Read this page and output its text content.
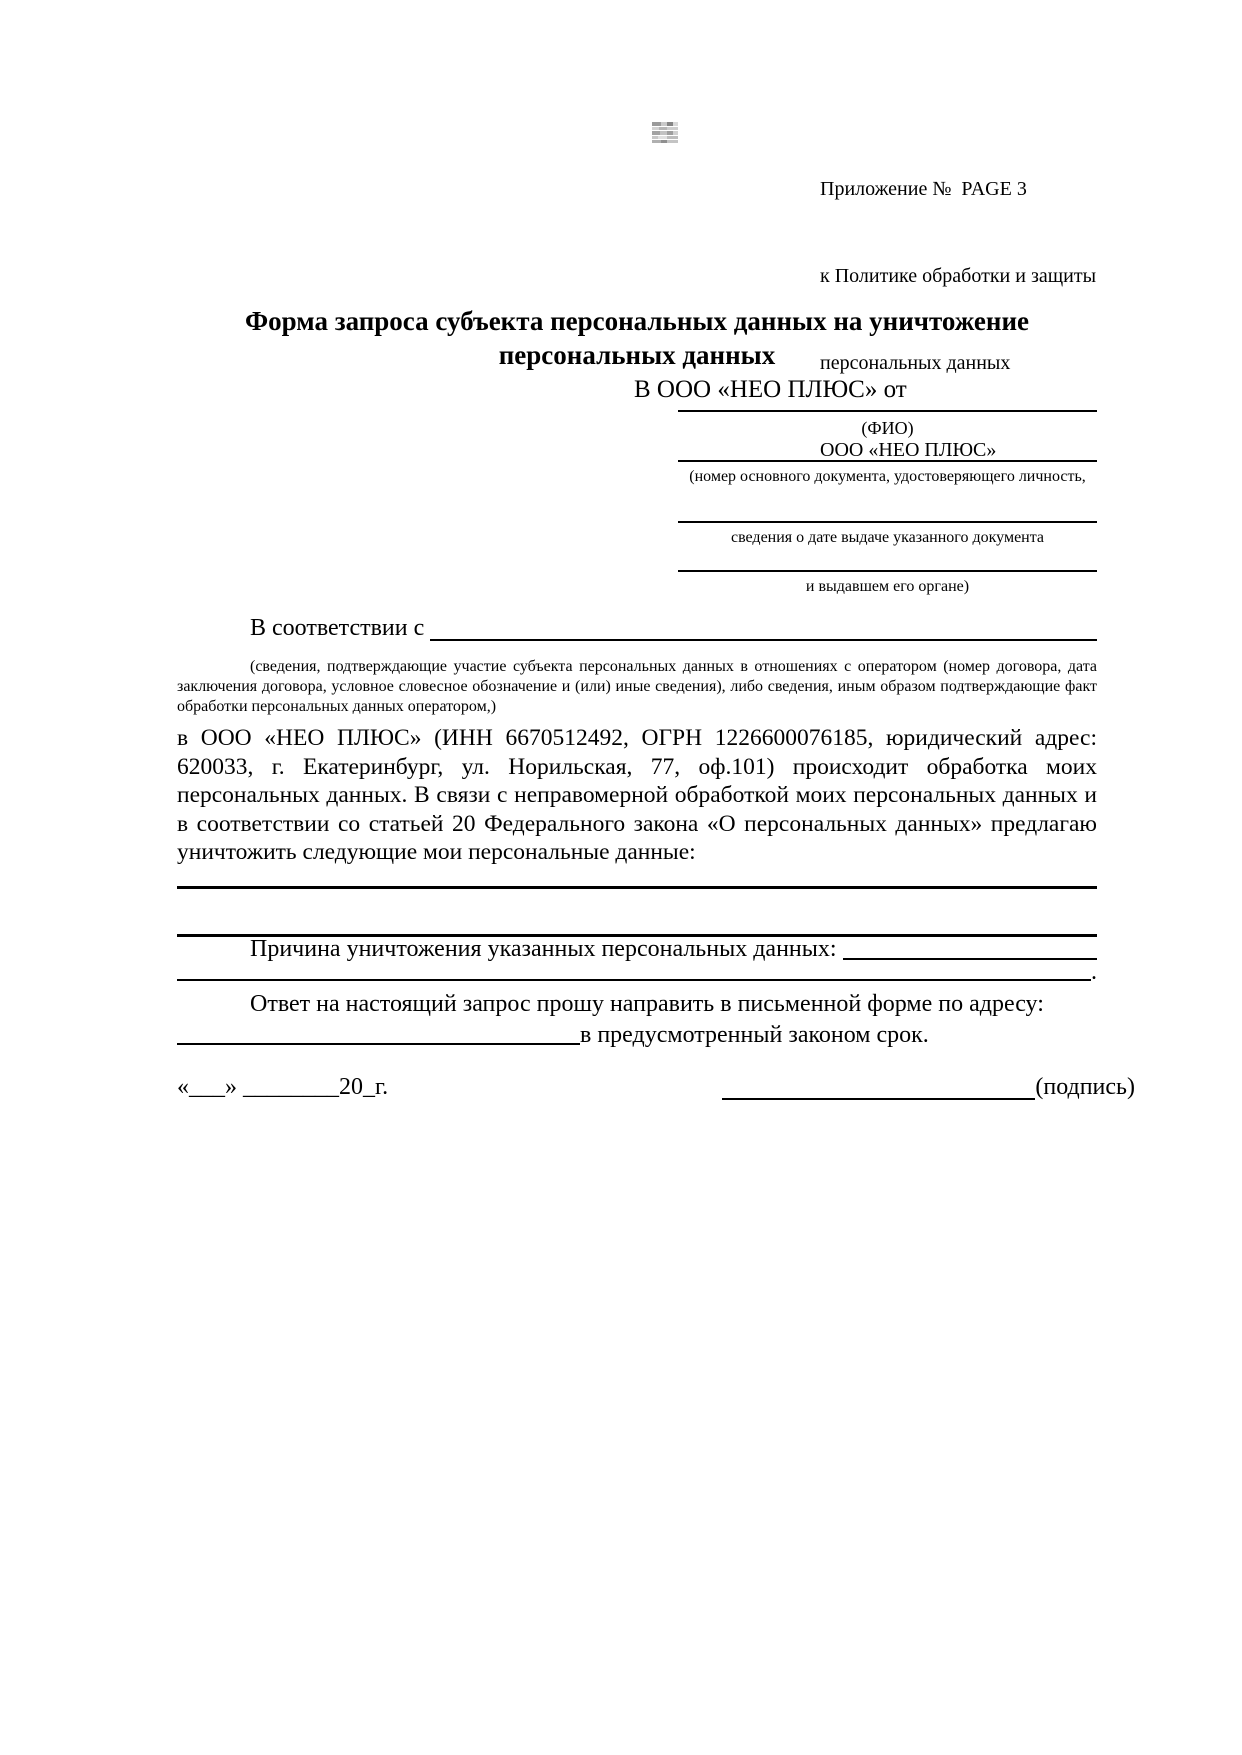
Приложение №  PAGE 3

к Политике обработки и защиты

персональных данных

ООО «НЕО ПЛЮС»

Форма запроса субъекта персональных данных на уничтожение
персональных данных
В ООО «НЕО ПЛЮС» от
(ФИО)
(номер основного документа, удостоверяющего личность,
сведения о дате выдаче указанного документа
и выдавшем его органе)
В соответствии с

(сведения, подтверждающие участие субъекта персональных данных в отношениях с оператором (номер договора, дата
заключения договора, условное словесное обозначение и (или) иные сведения), либо сведения, иным образом подтверждающие факт
обработки персональных данных оператором,)
в ООО «НЕО ПЛЮС» (ИНН 6670512492, ОГРН 1226600076185, юридический адрес:
620033, г. Екатеринбург, ул. Норильская, 77, оф.101) происходит обработка моих
персональных данных. В связи с неправомерной обработкой моих персональных данных и
в соответствии со статьей 20 Федерального закона «О персональных данных» предлагаю
уничтожить следующие мои персональные данные:
Причина уничтожения указанных персональных данных:

.
Ответ на настоящий запрос прошу направить в письменной форме по адресу:
в предусмотренный законом срок.
«___» ________20_г.	(подпись)
